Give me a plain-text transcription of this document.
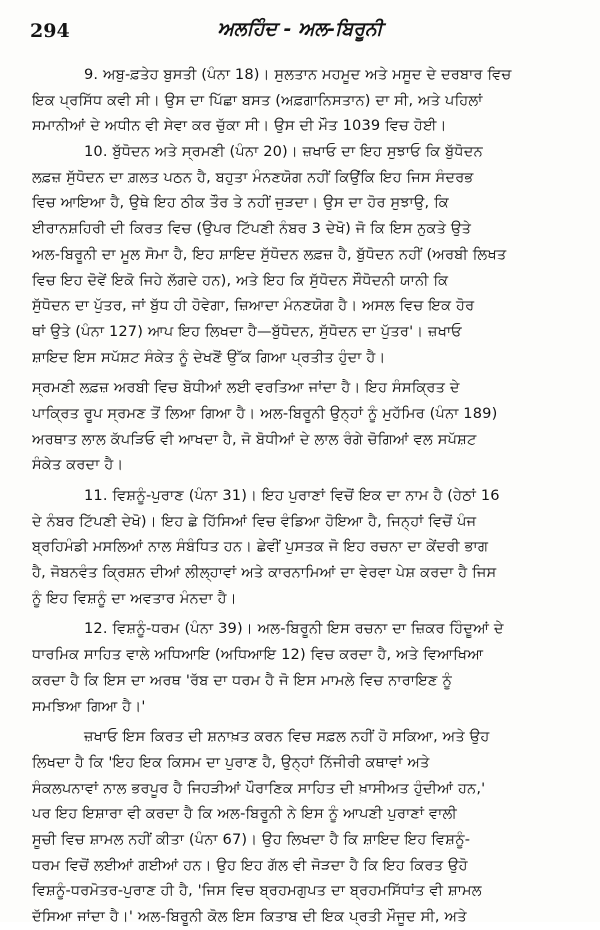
294	ਅਲਹਿੰਦ - ਅਲ-ਬਿਰੂਨੀ
9. ਅਬੁ-ਫ਼ਤੇਹ ਬੁਸਤੀ (ਪੰਨਾ 18)। ਸੁਲਤਾਨ ਮਹਮੂਦ ਅਤੇ ਮਸੂਦ ਦੇ ਦਰਬਾਰ ਵਿਚ
ਇਕ ਪ੍ਰਸਿੱਧ ਕਵੀ ਸੀ। ਉਸ ਦਾ ਪਿੱਛਾ ਬਸਤ (ਅਫ਼ਗਾਨਿਸਤਾਨ) ਦਾ ਸੀ, ਅਤੇ ਪਹਿਲਾਂ
ਸਮਾਨੀਆਂ ਦੇ ਅਧੀਨ ਵੀ ਸੇਵਾ ਕਰ ਚੁੱਕਾ ਸੀ। ਉਸ ਦੀ ਮੌਤ 1039 ਵਿਚ ਹੋਈ।
10. ਬੁੱਧੋਦਨ ਅਤੇ ਸ੍ਰਮਣੀ (ਪੰਨਾ 20)। ਜ਼ਖਾਓ ਦਾ ਇਹ ਸੁਝਾਓ ਕਿ ਬੁੱਧੋਦਨ
ਲਫ਼ਜ਼ ਸੁੱਧੋਦਨ ਦਾ ਗ਼ਲਤ ਪਠਨ ਹੈ, ਬਹੁਤਾ ਮੰਨਣਯੋਗ ਨਹੀਂ ਕਿਉਂਕਿ ਇਹ ਜਿਸ ਸੰਦਰਭ
ਵਿਚ ਆਇਆ ਹੈ, ਉਥੇ ਇਹ ਠੀਕ ਤੌਰ ਤੇ ਨਹੀਂ ਜੁੜਦਾ। ਉਸ ਦਾ ਹੋਰ ਸੁਝਾਉ, ਕਿ
ਈਰਾਨਸ਼ਹਿਰੀ ਦੀ ਕਿਰਤ ਵਿਚ (ਉਪਰ ਟਿੱਪਣੀ ਨੰਬਰ 3 ਦੇਖੋ) ਜੋ ਕਿ ਇਸ ਨੁਕਤੇ ਉਤੇ
ਅਲ-ਬਿਰੂਨੀ ਦਾ ਮੂਲ ਸੋਮਾ ਹੈ, ਇਹ ਸ਼ਾਇਦ ਸੁੱਧੋਦਨ ਲਫ਼ਜ਼ ਹੈ, ਬੁੱਧੋਦਨ ਨਹੀਂ (ਅਰਬੀ ਲਿਖਤ
ਵਿਚ ਇਹ ਦੋਵੇਂ ਇਕੋ ਜਿਹੇ ਲੱਗਦੇ ਹਨ), ਅਤੇ ਇਹ ਕਿ ਸੁੱਧੋਦਨ ਸੌਧੋਦਨੀ ਯਾਨੀ ਕਿ
ਸੁੱਧੋਦਨ ਦਾ ਪੁੱਤਰ, ਜਾਂ ਬੁੱਧ ਹੀ ਹੋਵੇਗਾ, ਜ਼ਿਆਦਾ ਮੰਨਣਯੋਗ ਹੈ। ਅਸਲ ਵਿਚ ਇਕ ਹੋਰ
ਥਾਂ ਉਤੇ (ਪੰਨਾ 127) ਆਪ ਇਹ ਲਿਖਦਾ ਹੈ—ਬੁੱਧੋਦਨ, ਸੁੱਧੋਦਨ ਦਾ ਪੁੱਤਰ'। ਜ਼ਖਾਓ
ਸ਼ਾਇਦ ਇਸ ਸਪੱਸ਼ਟ ਸੰਕੇਤ ਨੂੰ ਦੇਖਣੋਂ ਉੱਕ ਗਿਆ ਪ੍ਰਤੀਤ ਹੁੰਦਾ ਹੈ।
ਸ੍ਰਮਣੀ ਲਫ਼ਜ਼ ਅਰਬੀ ਵਿਚ ਬੋਧੀਆਂ ਲਈ ਵਰਤਿਆ ਜਾਂਦਾ ਹੈ। ਇਹ ਸੰਸਕ੍ਰਿਤ ਦੇ
ਪਾਕ੍ਰਿਤ ਰੂਪ ਸ੍ਰਮਣ ਤੋਂ ਲਿਆ ਗਿਆ ਹੈ। ਅਲ-ਬਿਰੂਨੀ ਉਨ੍ਹਾਂ ਨੂੰ ਮੁਹੱਮਿਰ (ਪੰਨਾ 189)
ਅਰਥਾਤ ਲਾਲ ਕੱਪੜਿਓ ਵੀ ਆਖਦਾ ਹੈ, ਜੋ ਬੋਧੀਆਂ ਦੇ ਲਾਲ ਰੰਗੇ ਚੋਗਿਆਂ ਵਲ ਸਪੱਸ਼ਟ
ਸੰਕੇਤ ਕਰਦਾ ਹੈ।
11. ਵਿਸ਼ਨੂੰ-ਪੁਰਾਣ (ਪੰਨਾ 31)। ਇਹ ਪੁਰਾਣਾਂ ਵਿਚੋਂ ਇਕ ਦਾ ਨਾਮ ਹੈ (ਹੇਠਾਂ 16
ਦੇ ਨੰਬਰ ਟਿੱਪਣੀ ਦੇਖੋ)। ਇਹ ਛੇ ਹਿੱਸਿਆਂ ਵਿਚ ਵੰਡਿਆ ਹੋਇਆ ਹੈ, ਜਿਨ੍ਹਾਂ ਵਿਚੋਂ ਪੰਜ
ਬ੍ਰਹਿਮੰਡੀ ਮਸਲਿਆਂ ਨਾਲ ਸੰਬੰਧਿਤ ਹਨ। ਛੇਵੀਂ ਪੁਸਤਕ ਜੋ ਇਹ ਰਚਨਾ ਦਾ ਕੇਂਦਰੀ ਭਾਗ
ਹੈ, ਜੋਬਨਵੰਤ ਕ੍ਰਿਸ਼ਨ ਦੀਆਂ ਲੀਲ੍ਹਾਵਾਂ ਅਤੇ ਕਾਰਨਾਮਿਆਂ ਦਾ ਵੇਰਵਾ ਪੇਸ਼ ਕਰਦਾ ਹੈ ਜਿਸ
ਨੂੰ ਇਹ ਵਿਸ਼ਨੂੰ ਦਾ ਅਵਤਾਰ ਮੰਨਦਾ ਹੈ।
12. ਵਿਸ਼ਨੂੰ-ਧਰਮ (ਪੰਨਾ 39)। ਅਲ-ਬਿਰੂਨੀ ਇਸ ਰਚਨਾ ਦਾ ਜ਼ਿਕਰ ਹਿੰਦੂਆਂ ਦੇ
ਧਾਰਮਿਕ ਸਾਹਿਤ ਵਾਲੇ ਅਧਿਆਇ (ਅਧਿਆਇ 12) ਵਿਚ ਕਰਦਾ ਹੈ, ਅਤੇ ਵਿਆਖਿਆ
ਕਰਦਾ ਹੈ ਕਿ ਇਸ ਦਾ ਅਰਥ 'ਰੱਬ ਦਾ ਧਰਮ ਹੈ ਜੋ ਇਸ ਮਾਮਲੇ ਵਿਚ ਨਾਰਾਇਣ ਨੂੰ
ਸਮਝਿਆ ਗਿਆ ਹੈ।'
ਜ਼ਖਾਓ ਇਸ ਕਿਰਤ ਦੀ ਸ਼ਨਾਖ਼ਤ ਕਰਨ ਵਿਚ ਸਫ਼ਲ ਨਹੀਂ ਹੋ ਸਕਿਆ, ਅਤੇ ਉਹ
ਲਿਖਦਾ ਹੈ ਕਿ 'ਇਹ ਇਕ ਕਿਸਮ ਦਾ ਪੁਰਾਣ ਹੈ, ਉਨ੍ਹਾਂ ਨਿੱਜੀਰੀ ਕਥਾਵਾਂ ਅਤੇ
ਸੰਕਲਪਨਾਵਾਂ ਨਾਲ ਭਰਪੂਰ ਹੈ ਜਿਹੜੀਆਂ ਪੌਰਾਣਿਕ ਸਾਹਿਤ ਦੀ ਖ਼ਾਸੀਅਤ ਹੁੰਦੀਆਂ ਹਨ,'
ਪਰ ਇਹ ਇਸ਼ਾਰਾ ਵੀ ਕਰਦਾ ਹੈ ਕਿ ਅਲ-ਬਿਰੂਨੀ ਨੇ ਇਸ ਨੂੰ ਆਪਣੀ ਪੁਰਾਣਾਂ ਵਾਲੀ
ਸੂਚੀ ਵਿਚ ਸ਼ਾਮਲ ਨਹੀਂ ਕੀਤਾ (ਪੰਨਾ 67)। ਉਹ ਲਿਖਦਾ ਹੈ ਕਿ ਸ਼ਾਇਦ ਇਹ ਵਿਸ਼ਨੂੰ-
ਧਰਮ ਵਿਚੋਂ ਲਈਆਂ ਗਈਆਂ ਹਨ। ਉਹ ਇਹ ਗੱਲ ਵੀ ਜੋੜਦਾ ਹੈ ਕਿ ਇਹ ਕਿਰਤ ਉਹੋ
ਵਿਸ਼ਨੂੰ-ਧਰਮੋਤਰ-ਪੁਰਾਣ ਹੀ ਹੈ, 'ਜਿਸ ਵਿਚ ਬ੍ਰਹਮਗੁਪਤ ਦਾ ਬ੍ਰਹਮਸਿੱਧਾਂਤ ਵੀ ਸ਼ਾਮਲ
ਦੱਸਿਆ ਜਾਂਦਾ ਹੈ।' ਅਲ-ਬਿਰੂਨੀ ਕੋਲ ਇਸ ਕਿਤਾਬ ਦੀ ਇਕ ਪ੍ਰਤੀ ਮੌਜੂਦ ਸੀ, ਅਤੇ
